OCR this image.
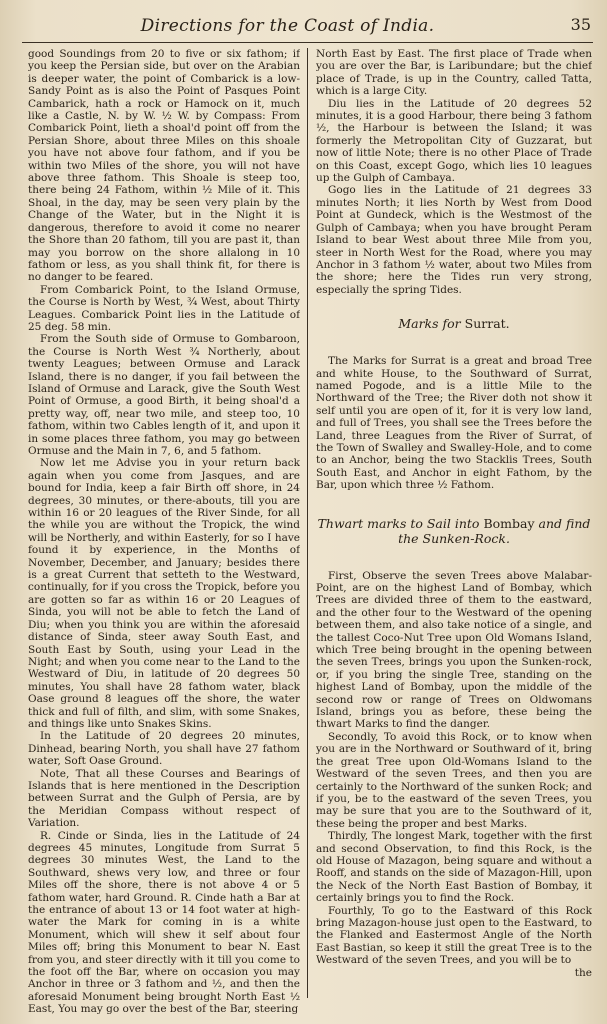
Directions for the Coast of India.	35

good Soundings from 20 to five or six fathom; if you keep the Persian side, but over on the Arabian is deeper water, the point of Combarick is a low-Sandy Point as is also the Point of Pasques Point Cambarick, hath a rock or Hamock on it, much like a Castle, N. by W. ½ W. by Compass: From Combarick Point, lieth a shoal'd point off from the Persian Shore, about three Miles on this shoale you have not above four fathom, and if you be within two Miles of the shore, you will not have above three fathom. This Shoale is steep too, there being 24 Fathom, within ½ Mile of it. This Shoal, in the day, may be seen very plain by the Change of the Water, but in the Night it is dangerous, therefore to avoid it come no nearer the Shore than 20 fathom, till you are past it, than may you borrow on the shore allalong in 10 fathom or less, as you shall think fit, for there is no danger to be feared.

From Combarick Point, to the Island Ormuse, the Course is North by West, ¾ West, about Thirty Leagues. Combarick Point lies in the Latitude of 25 deg. 58 min.

From the South side of Ormuse to Gombaroon, the Course is North West ¾ Northerly, about twenty Leagues; between Ormuse and Larack Island, there is no danger, if you fail between the Island of Ormuse and Larack, give the South West Point of Ormuse, a good Birth, it being shoal'd a pretty way, off, near two mile, and steep too, 10 fathom, within two Cables length of it, and upon it in some places three fathom, you may go between Ormuse and the Main in 7, 6, and 5 fathom.

Now let me Advise you in your return back again when you come from Jasques, and are bound for India, keep a fair Birth off shore, in 24 degrees, 30 minutes, or there-abouts, till you are within 16 or 20 leagues of the River Sinde, for all the while you are without the Tropick, the wind will be Northerly, and within Easterly, for so I have found it by experience, in the Months of November, December, and January; besides there is a great Current that setteth to the Westward, continually, for if you cross the Tropick, before you are gotten so far as within 16 or 20 Leagues of Sinda, you will not be able to fetch the Land of Diu; when you think you are within the aforesaid distance of Sinda, steer away South East, and South East by South, using your Lead in the Night; and when you come near to the Land to the Westward of Diu, in latitude of 20 degrees 50 minutes, You shall have 28 fathom water, black Oase ground 8 leagues off the shore, the water thick and full of filth, and slim, with some Snakes, and things like unto Snakes Skins.

In the Latitude of 20 degrees 20 minutes, Dinhead, bearing North, you shall have 27 fathom water, Soft Oase Ground.

Note, That all these Courses and Bearings of Islands that is here mentioned in the Description between Surrat and the Gulph of Persia, are by the Meridian Compass without respect of Variation.

R. Cinde or Sinda, lies in the Latitude of 24 degrees 45 minutes, Longitude from Surrat 5 degrees 30 minutes West, the Land to the Southward, shews very low, and three or four Miles off the shore, there is not above 4 or 5 fathom water, hard Ground. R. Cinde hath a Bar at the entrance of about 13 or 14 foot water at high-water the Mark for coming in is a white Monument, which will shew it self about four Miles off; bring this Monument to bear N. East from you, and steer directly with it till you come to the foot off the Bar, where on occasion you may Anchor in three or 3 fathom and ½, and then the aforesaid Monument being brought North East ½ East, You may go over the best of the Bar, steering

North East by East. The first place of Trade when you are over the Bar, is Laribundare; but the chief place of Trade, is up in the Country, called Tatta, which is a large City.

Diu lies in the Latitude of 20 degrees 52 minutes, it is a good Harbour, there being 3 fathom ½, the Harbour is between the Island; it was formerly the Metropolitan City of Guzzarat, but now of little Note; there is no other Place of Trade on this Coast, except Gogo, which lies 10 leagues up the Gulph of Cambaya.

Gogo lies in the Latitude of 21 degrees 33 minutes North; it lies North by West from Dood Point at Gundeck, which is the Westmost of the Gulph of Cambaya; when you have brought Peram Island to bear West about three Mile from you, steer in North West for the Road, where you may Anchor in 3 fathom ½ water, about two Miles from the shore; here the Tides run very strong, especially the spring Tides.

Marks for Surrat.

The Marks for Surrat is a great and broad Tree and white House, to the Southward of Surrat, named Pogode, and is a little Mile to the Northward of the Tree; the River doth not show it self until you are open of it, for it is very low land, and full of Trees, you shall see the Trees before the Land, three Leagues from the River of Surrat, of the Town of Swalley and Swalley-Hole, and to come to an Anchor, being the two Stacklis Trees, South South East, and Anchor in eight Fathom, by the Bar, upon which three ½ Fathom.

Thwart marks to Sail into Bombay and find
the Sunken-Rock.

First, Observe the seven Trees above Malabar-Point, are on the highest Land of Bombay, which Trees are divided three of them to the eastward, and the other four to the Westward of the opening between them, and also take notice of a single, and the tallest Coco-Nut Tree upon Old Womans Island, which Tree being brought in the opening between the seven Trees, brings you upon the Sunken-rock, or, if you bring the single Tree, standing on the highest Land of Bombay, upon the middle of the second row or range of Trees on Oldwomans Island, brings you as before, these being the thwart Marks to find the danger.

Secondly, To avoid this Rock, or to know when you are in the Northward or Southward of it, bring the great Tree upon Old-Womans Island to the Westward of the seven Trees, and then you are certainly to the Northward of the sunken Rock; and if you, be to the eastward of the seven Trees, you may be sure that you are to the Southward of it, these being the proper and best Marks.

Thirdly, The longest Mark, together with the first and second Observation, to find this Rock, is the old House of Mazagon, being square and without a Rooff, and stands on the side of Mazagon-Hill, upon the Neck of the North East Bastion of Bombay, it certainly brings you to find the Rock.

Fourthly, To go to the Eastward of this Rock bring Mazagon-house just open to the Eastward, to the Flanked and Eastermost Angle of the North East Bastian, so keep it still the great Tree is to the Westward of the seven Trees, and you will be to

the
